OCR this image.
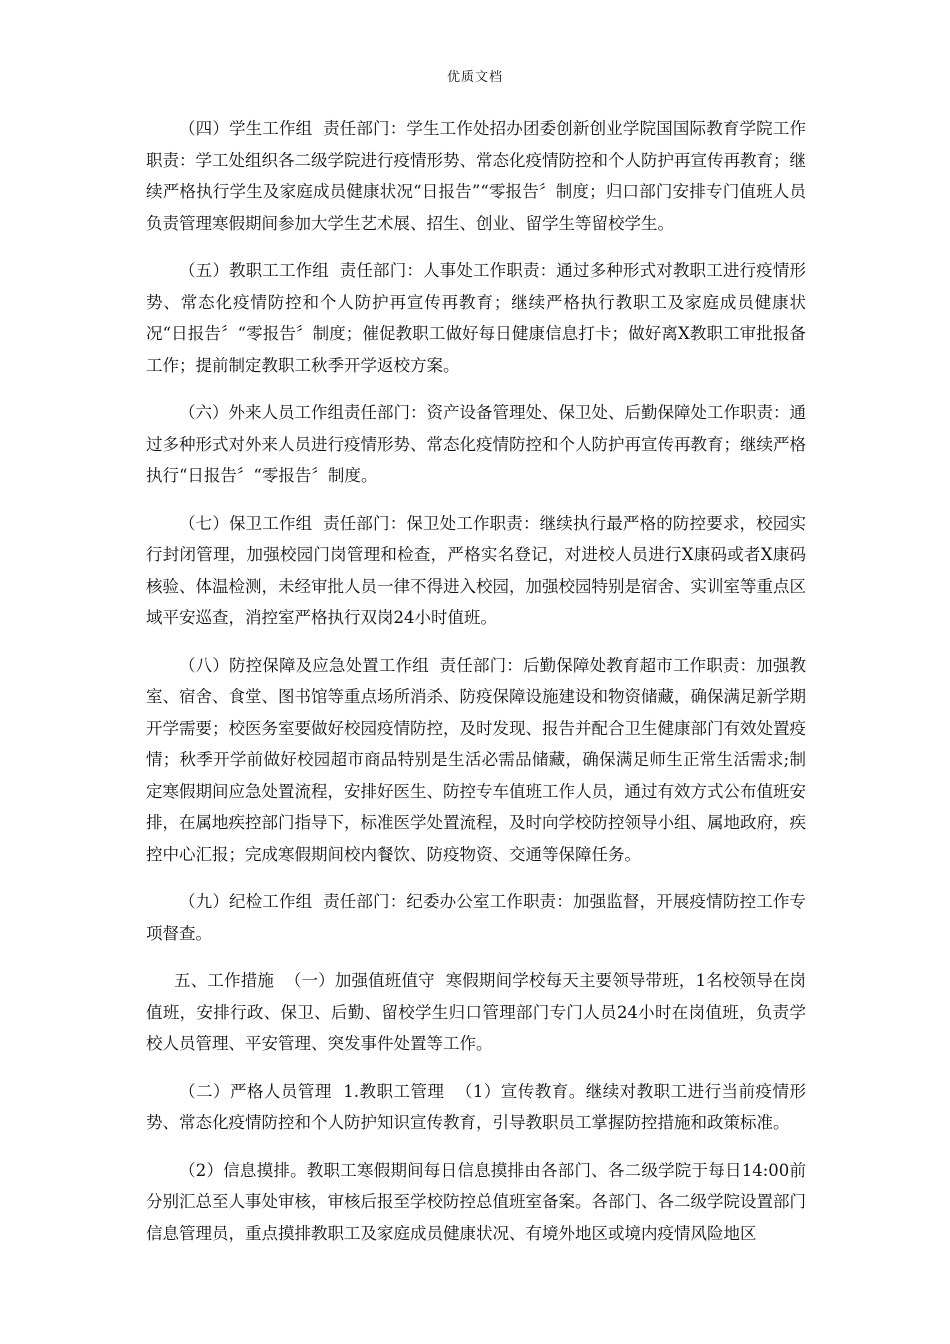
优质文档

（四）学生工作组  责任部门：学生工作处招办团委创新创业学院国国际教育学院工作职责：学工处组织各二级学院进行疫情形势、常态化疫情防控和个人防护再宣传再教育；继续严格执行学生及家庭成员健康状况“日报告”“零报告〞制度；归口部门安排专门值班人员负责管理寒假期间参加大学生艺术展、招生、创业、留学生等留校学生。

（五）教职工工作组  责任部门：人事处工作职责：通过多种形式对教职工进行疫情形势、常态化疫情防控和个人防护再宣传再教育；继续严格执行教职工及家庭成员健康状况“日报告〞“零报告〞制度；催促教职工做好每日健康信息打卡；做好离X教职工审批报备工作；提前制定教职工秋季开学返校方案。

（六）外来人员工作组责任部门：资产设备管理处、保卫处、后勤保障处工作职责：通过多种形式对外来人员进行疫情形势、常态化疫情防控和个人防护再宣传再教育；继续严格执行“日报告〞“零报告〞制度。

（七）保卫工作组  责任部门：保卫处工作职责：继续执行最严格的防控要求，校园实行封闭管理，加强校园门岗管理和检查，严格实名登记，对进校人员进行X康码或者X康码核验、体温检测，未经审批人员一律不得进入校园，加强校园特别是宿舍、实训室等重点区域平安巡查，消控室严格执行双岗24小时值班。

（八）防控保障及应急处置工作组  责任部门：后勤保障处教育超市工作职责：加强教室、宿舍、食堂、图书馆等重点场所消杀、防疫保障设施建设和物资储藏，确保满足新学期开学需要；校医务室要做好校园疫情防控，及时发现、报告并配合卫生健康部门有效处置疫情；秋季开学前做好校园超市商品特别是生活必需品储藏，确保满足师生正常生活需求;制定寒假期间应急处置流程，安排好医生、防控专车值班工作人员，通过有效方式公布值班安排，在属地疾控部门指导下，标准医学处置流程，及时向学校防控领导小组、属地政府，疾控中心汇报；完成寒假期间校内餐饮、防疫物资、交通等保障任务。

（九）纪检工作组  责任部门：纪委办公室工作职责：加强监督，开展疫情防控工作专项督查。

五、工作措施  （一）加强值班值守  寒假期间学校每天主要领导带班，1名校领导在岗值班，安排行政、保卫、后勤、留校学生归口管理部门专门人员24小时在岗值班，负责学校人员管理、平安管理、突发事件处置等工作。

（二）严格人员管理  1.教职工管理  （1）宣传教育。继续对教职工进行当前疫情形势、常态化疫情防控和个人防护知识宣传教育，引导教职员工掌握防控措施和政策标准。

（2）信息摸排。教职工寒假期间每日信息摸排由各部门、各二级学院于每日14:00前分别汇总至人事处审核，审核后报至学校防控总值班室备案。各部门、各二级学院设置部门信息管理员，重点摸排教职工及家庭成员健康状况、有境外地区或境内疫情风险地区
